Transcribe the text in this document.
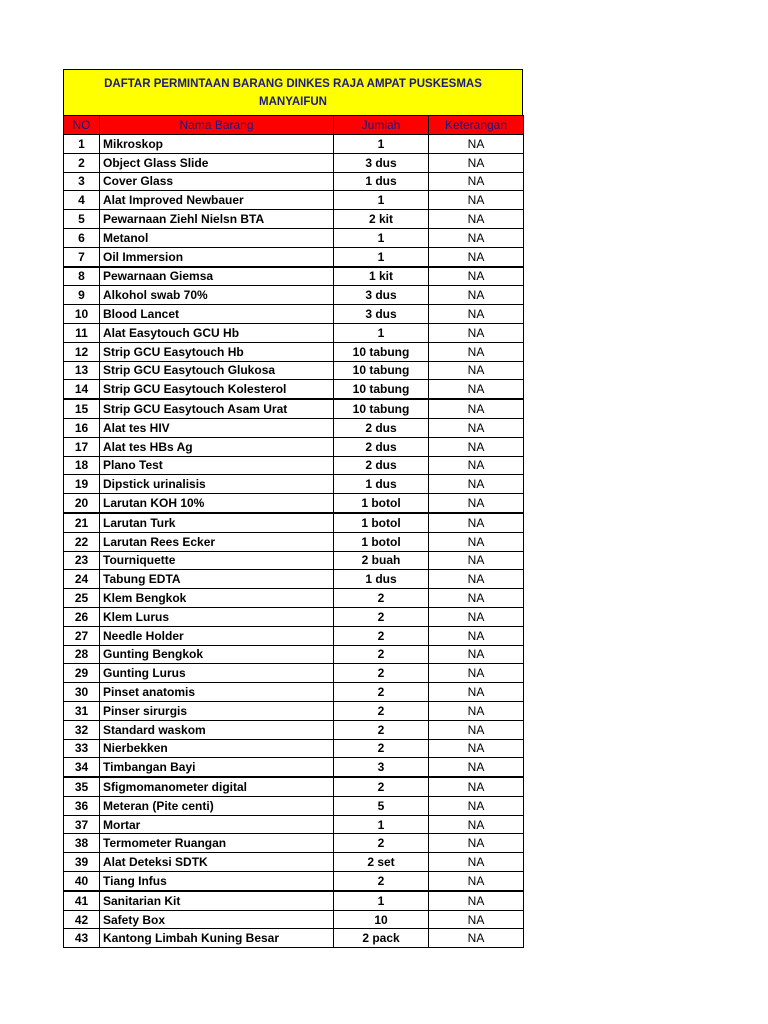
DAFTAR PERMINTAAN BARANG DINKES RAJA AMPAT PUSKESMAS
MANYAIFUN
NO	Nama Barang	Jumlah	Keterangan
1	Mikroskop	1	NA
2	Object Glass Slide	3 dus	NA
3	Cover Glass	1 dus	NA
4	Alat Improved Newbauer	1	NA
5	Pewarnaan Ziehl Nielsn BTA	2 kit	NA
6	Metanol	1	NA
7	Oil Immersion	1	NA
8	Pewarnaan Giemsa	1 kit	NA
9	Alkohol swab 70%	3 dus	NA
10	Blood Lancet	3 dus	NA
11	Alat Easytouch GCU Hb	1	NA
12	Strip GCU Easytouch Hb	10 tabung	NA
13	Strip GCU Easytouch Glukosa	10 tabung	NA
14	Strip GCU Easytouch Kolesterol	10 tabung	NA
15	Strip GCU Easytouch Asam Urat	10 tabung	NA
16	Alat tes HIV	2 dus	NA
17	Alat tes HBs Ag	2 dus	NA
18	Plano Test	2 dus	NA
19	Dipstick urinalisis	1 dus	NA
20	Larutan KOH 10%	1 botol	NA
21	Larutan Turk	1 botol	NA
22	Larutan Rees Ecker	1 botol	NA
23	Tourniquette	2 buah	NA
24	Tabung EDTA	1 dus	NA
25	Klem Bengkok	2	NA
26	Klem Lurus	2	NA
27	Needle Holder	2	NA
28	Gunting Bengkok	2	NA
29	Gunting Lurus	2	NA
30	Pinset anatomis	2	NA
31	Pinser sirurgis	2	NA
32	Standard waskom	2	NA
33	Nierbekken	2	NA
34	Timbangan Bayi	3	NA
35	Sfigmomanometer digital	2	NA
36	Meteran (Pite centi)	5	NA
37	Mortar	1	NA
38	Termometer Ruangan	2	NA
39	Alat Deteksi SDTK	2 set	NA
40	Tiang Infus	2	NA
41	Sanitarian Kit	1	NA
42	Safety Box	10	NA
43	Kantong Limbah Kuning Besar	2 pack	NA
